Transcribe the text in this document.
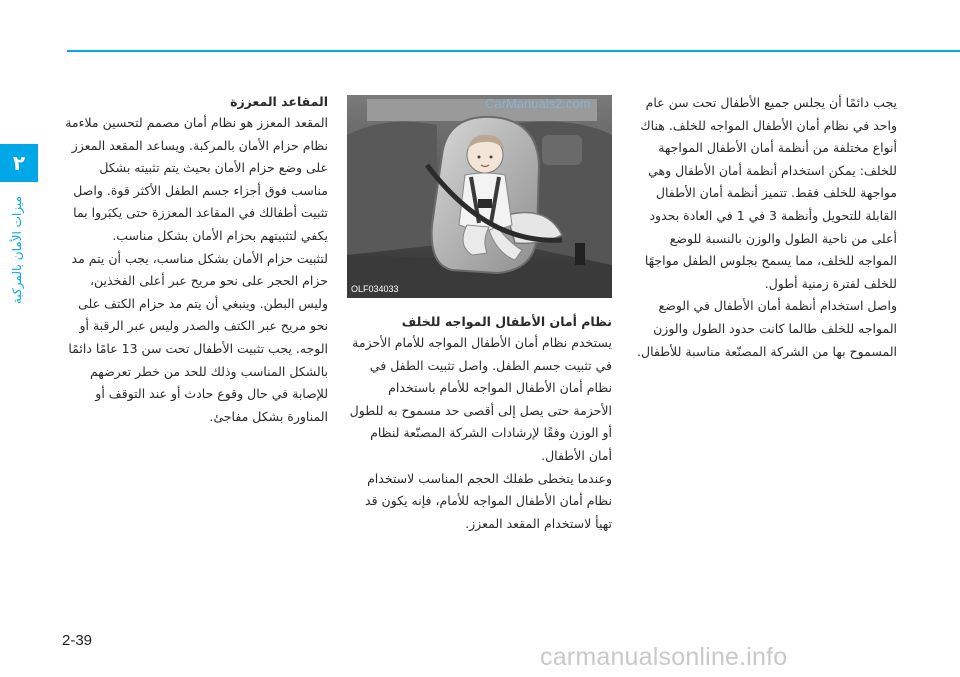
٢
ميزات الأمان بالمركبة

يجب دائمًا أن يجلس جميع الأطفال تحت سن عام واحد في نظام أمان الأطفال المواجه للخلف. هناك أنواع مختلفة من أنظمة أمان الأطفال المواجهة للخلف: يمكن استخدام أنظمة أمان الأطفال وهي مواجهة للخلف فقط. تتميز أنظمة أمان الأطفال القابلة للتحويل وأنظمة 3 في 1 في العادة بحدود أعلى من ناحية الطول والوزن بالنسبة للوضع المواجه للخلف، مما يسمح بجلوس الطفل مواجهًا للخلف لفترة زمنية أطول.

واصل استخدام أنظمة أمان الأطفال في الوضع المواجه للخلف طالما كانت حدود الطول والوزن المسموح بها من الشركة المصنّعة مناسبة للأطفال.

OLF034033
CarManuals2.com

نظام أمان الأطفال المواجه للخلف

يستخدم نظام أمان الأطفال المواجه للأمام الأحزمة في تثبيت جسم الطفل. واصل تثبيت الطفل في نظام أمان الأطفال المواجه للأمام باستخدام الأحزمة حتى يصل إلى أقصى حد مسموح به للطول أو الوزن وفقًا لإرشادات الشركة المصنّعة لنظام أمان الأطفال.

وعندما يتخطى طفلك الحجم المناسب لاستخدام نظام أمان الأطفال المواجه للأمام، فإنه يكون قد تهيأ لاستخدام المقعد المعزز.

المقاعد المعززة

المقعد المعزز هو نظام أمان مصمم لتحسين ملاءمة نظام حزام الأمان بالمركبة. ويساعد المقعد المعزز على وضع حزام الأمان بحيث يتم تثبيته بشكل مناسب فوق أجزاء جسم الطفل الأكثر قوة. واصل تثبيت أطفالك في المقاعد المعززة حتى يكبَروا بما يكفي لتثبيتهم بحزام الأمان بشكل مناسب.

لتثبيت حزام الأمان بشكل مناسب، يجب أن يتم مد حزام الحجر على نحو مريح عبر أعلى الفخذين، وليس البطن. وينبغي أن يتم مد حزام الكتف على نحو مريح عبر الكتف والصدر وليس عبر الرقبة أو الوجه. يجب تثبيت الأطفال تحت سن 13 عامًا دائمًا بالشكل المناسب وذلك للحد من خطر تعرضهم للإصابة في حال وقوع حادث أو عند التوقف أو المناورة بشكل مفاجئ.

2-39
carmanualsonline.info
